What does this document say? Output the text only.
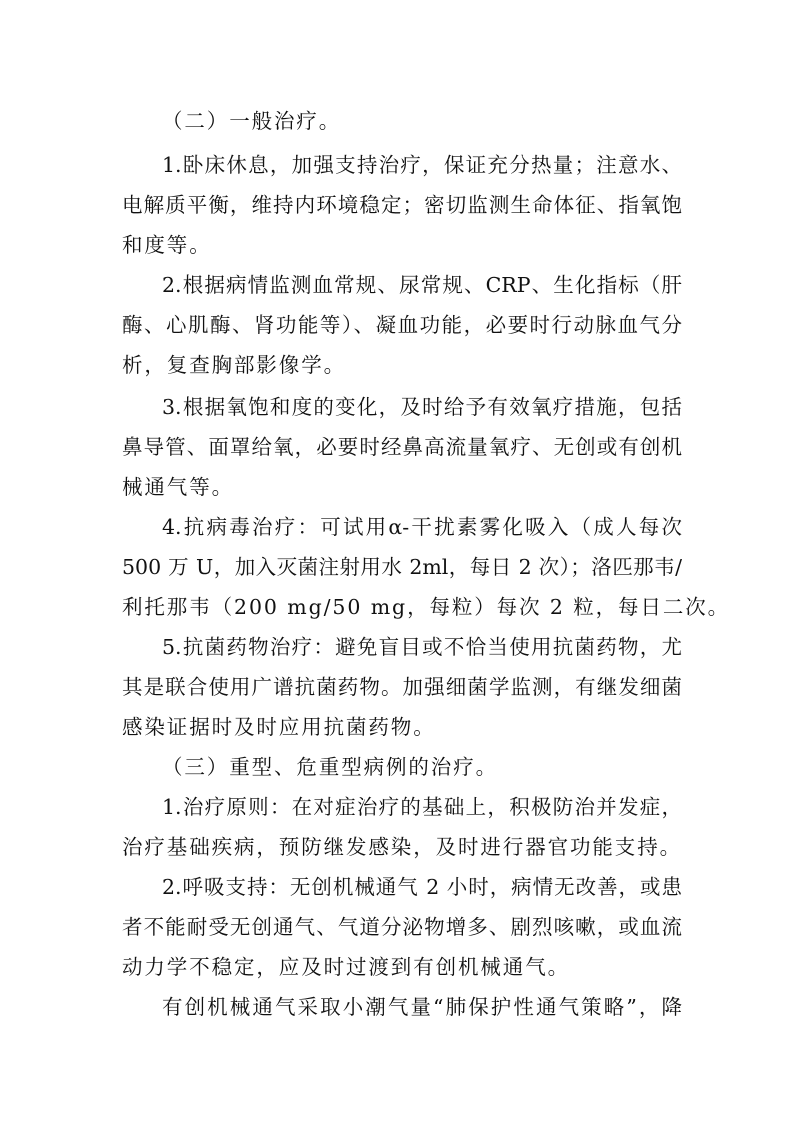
（二）一般治疗。
1.卧床休息，加强支持治疗，保证充分热量；注意水、
电解质平衡，维持内环境稳定；密切监测生命体征、指氧饱
和度等。
2.根据病情监测血常规、尿常规、CRP、生化指标（肝
酶、心肌酶、肾功能等）、凝血功能，必要时行动脉血气分
析，复查胸部影像学。
3.根据氧饱和度的变化，及时给予有效氧疗措施，包括
鼻导管、面罩给氧，必要时经鼻高流量氧疗、无创或有创机
械通气等。
4.抗病毒治疗：可试用α-干扰素雾化吸入（成人每次
500 万 U，加入灭菌注射用水 2ml，每日 2 次）；洛匹那韦/
利托那韦（200 mg/50 mg，每粒）每次 2 粒，每日二次。
5.抗菌药物治疗：避免盲目或不恰当使用抗菌药物，尤
其是联合使用广谱抗菌药物。加强细菌学监测，有继发细菌
感染证据时及时应用抗菌药物。
（三）重型、危重型病例的治疗。
1.治疗原则：在对症治疗的基础上，积极防治并发症，
治疗基础疾病，预防继发感染，及时进行器官功能支持。
2.呼吸支持：无创机械通气 2 小时，病情无改善，或患
者不能耐受无创通气、气道分泌物增多、剧烈咳嗽，或血流
动力学不稳定，应及时过渡到有创机械通气。
有创机械通气采取小潮气量“肺保护性通气策略”，降
